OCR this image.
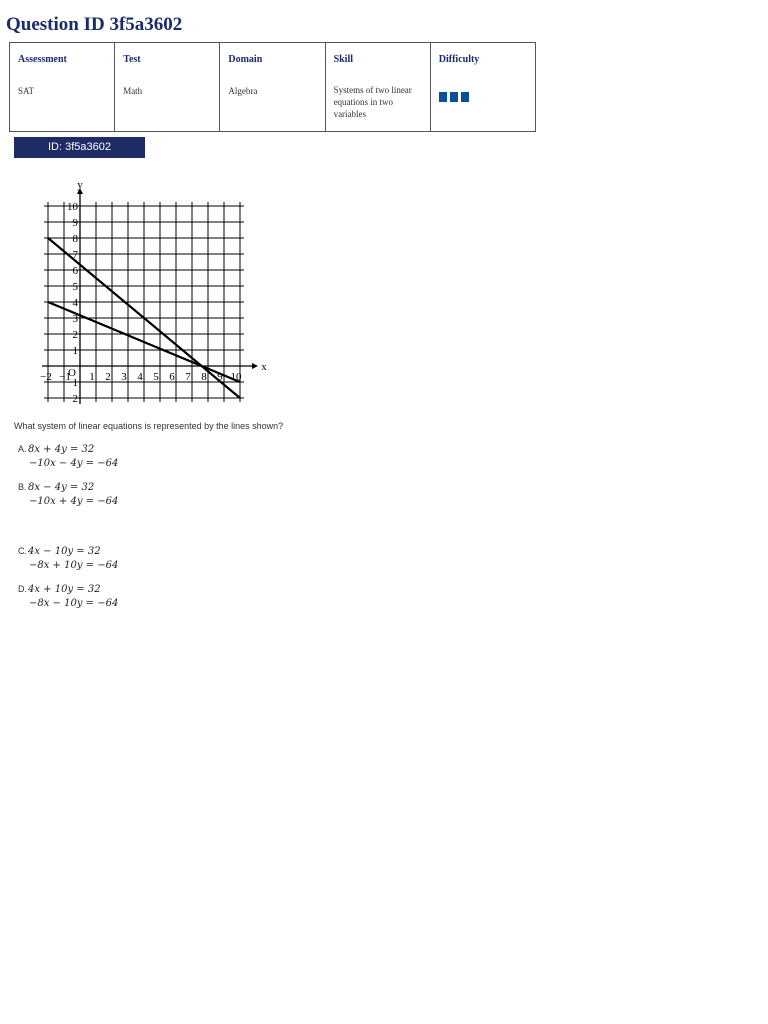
Question ID 3f5a3602
Assessment
SAT

Test
Math

Domain
Algebra

Skill
Systems of two linear equations in two variables

Difficulty
ID: 3f5a3602
x
y
O
−2 −1 1 2 3 4 5 6 7 8 9 10
10
9
8
7
6
5
4
3
2
1
−1
−2
What system of linear equations is represented by the lines shown?
A.8x + 4y = 32
−10x − 4y = −64
B.8x − 4y = 32
−10x + 4y = −64
C.4x − 10y = 32
−8x + 10y = −64
D.4x + 10y = 32
−8x − 10y = −64
